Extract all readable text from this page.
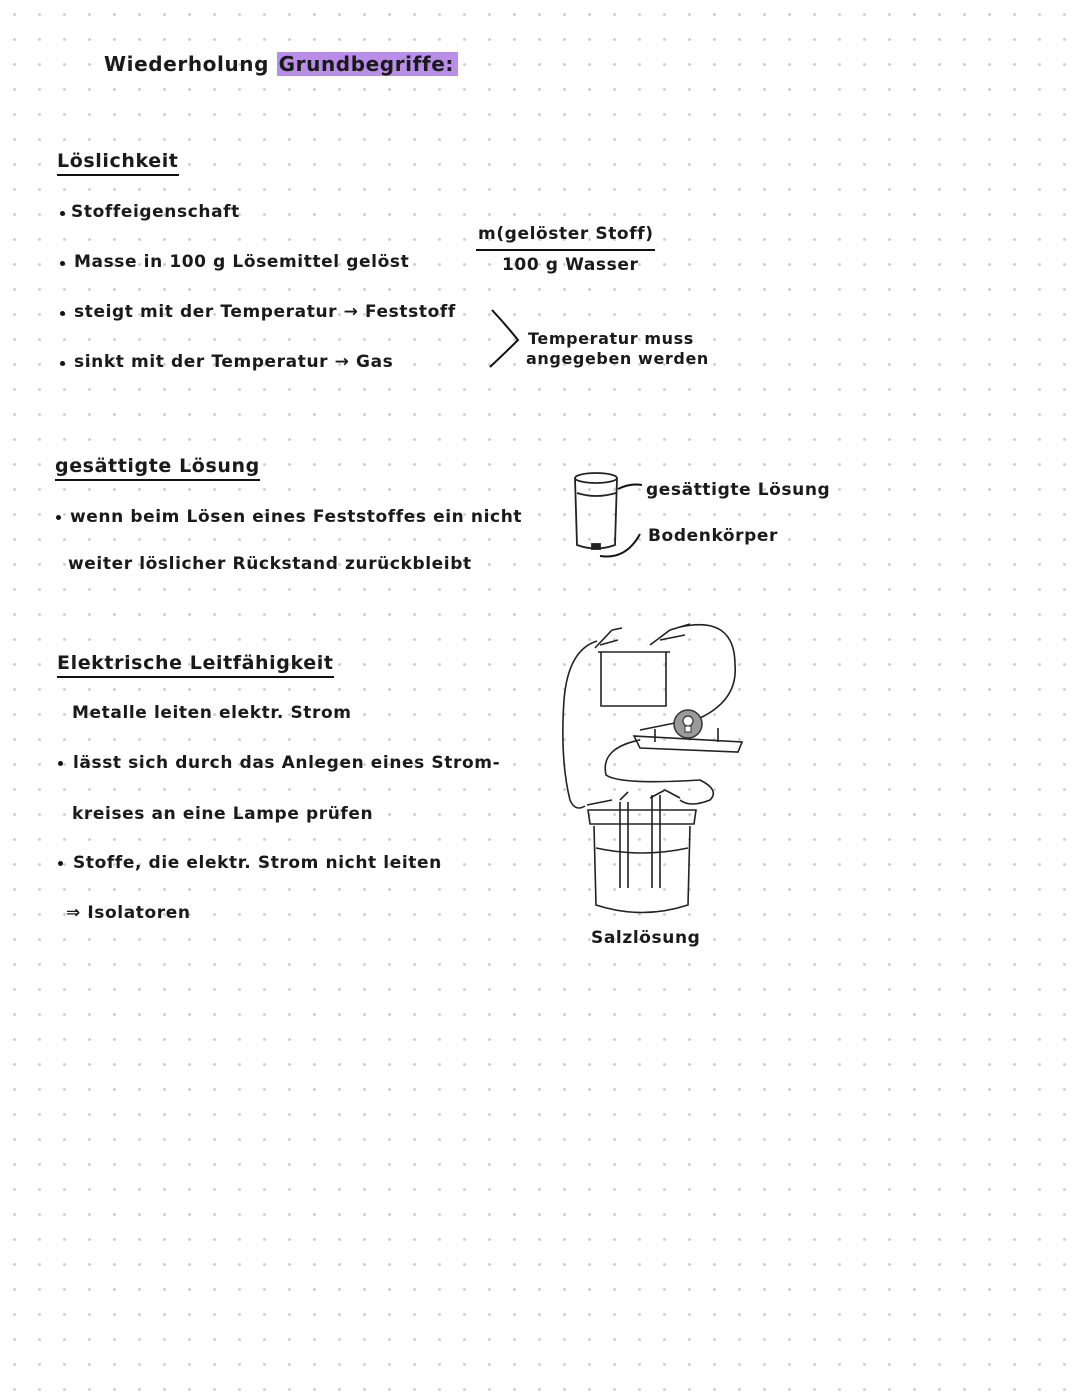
Wiederholung Grundbegriffe:
Löslichkeit
Stoffeigenschaft
Masse in 100 g Lösemittel gelöst
steigt mit der Temperatur → Feststoff
sinkt mit der Temperatur → Gas
m(gelöster Stoff)
100 g Wasser
Temperatur muss
angegeben werden
gesättigte Lösung
wenn beim Lösen eines Feststoffes ein nicht
weiter löslicher Rückstand zurückbleibt
gesättigte Lösung
Bodenkörper
Elektrische Leitfähigkeit
Metalle leiten elektr. Strom
lässt sich durch das Anlegen eines Strom-
kreises an eine Lampe prüfen
Stoffe, die elektr. Strom nicht leiten
⇒ Isolatoren
Salzlösung
